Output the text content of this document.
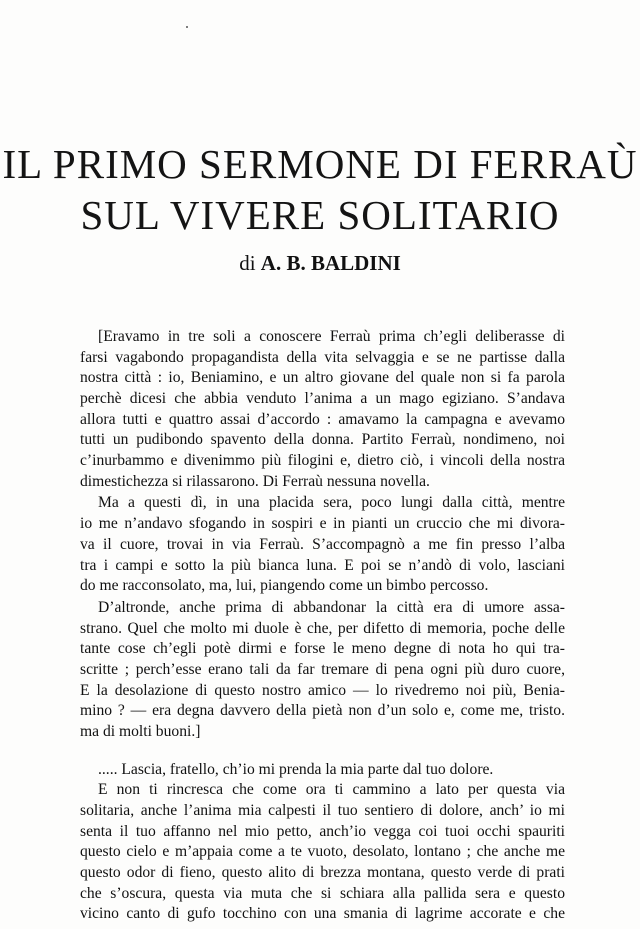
IL PRIMO SERMONE DI FERRAÙ
SUL VIVERE SOLITARIO
di A. B. BALDINI
[Eravamo in tre soli a conoscere Ferraù prima ch’egli deliberasse di
farsi vagabondo propagandista della vita selvaggia e se ne partisse dalla
nostra città : io, Beniamino, e un altro giovane del quale non si fa parola
perchè dicesi che abbia venduto l’anima a un mago egiziano. S’andava
allora tutti e quattro assai d’accordo : amavamo la campagna e avevamo
tutti un pudibondo spavento della donna. Partito Ferraù, nondimeno, noi
c’inurbammo e divenimmo più filogini e, dietro ciò, i vincoli della nostra
dimestichezza si rilassarono. Di Ferraù nessuna novella.
Ma a questi dì, in una placida sera, poco lungi dalla città, mentre
io me n’andavo sfogando in sospiri e in pianti un cruccio che mi divora-
va il cuore, trovai in via Ferraù. S’accompagnò a me fin presso l’alba
tra i campi e sotto la più bianca luna. E poi se n’andò di volo, lasciani
do me racconsolato, ma, lui, piangendo come un bimbo percosso.
D’altronde, anche prima di abbandonar la città era di umore assa-
strano. Quel che molto mi duole è che, per difetto di memoria, poche delle
tante cose ch’egli potè dirmi e forse le meno degne di nota ho qui tra-
scritte ; perch’esse erano tali da far tremare di pena ogni più duro cuore,
E la desolazione di questo nostro amico — lo rivedremo noi più, Benia-
mino ? — era degna davvero della pietà non d’un solo e, come me, tristo.
ma di molti buoni.]
..... Lascia, fratello, ch’io mi prenda la mia parte dal tuo dolore.
E non ti rincresca che come ora ti cammino a lato per questa via
solitaria, anche l’anima mia calpesti il tuo sentiero di dolore, anch’ io mi
senta il tuo affanno nel mio petto, anch’io vegga coi tuoi occhi spauriti
questo cielo e m’appaia come a te vuoto, desolato, lontano ; che anche me
questo odor di fieno, questo alito di brezza montana, questo verde di prati
che s’oscura, questa via muta che si schiara alla pallida sera e questo
vicino canto di gufo tocchino con una smania di lagrime accorate e che
